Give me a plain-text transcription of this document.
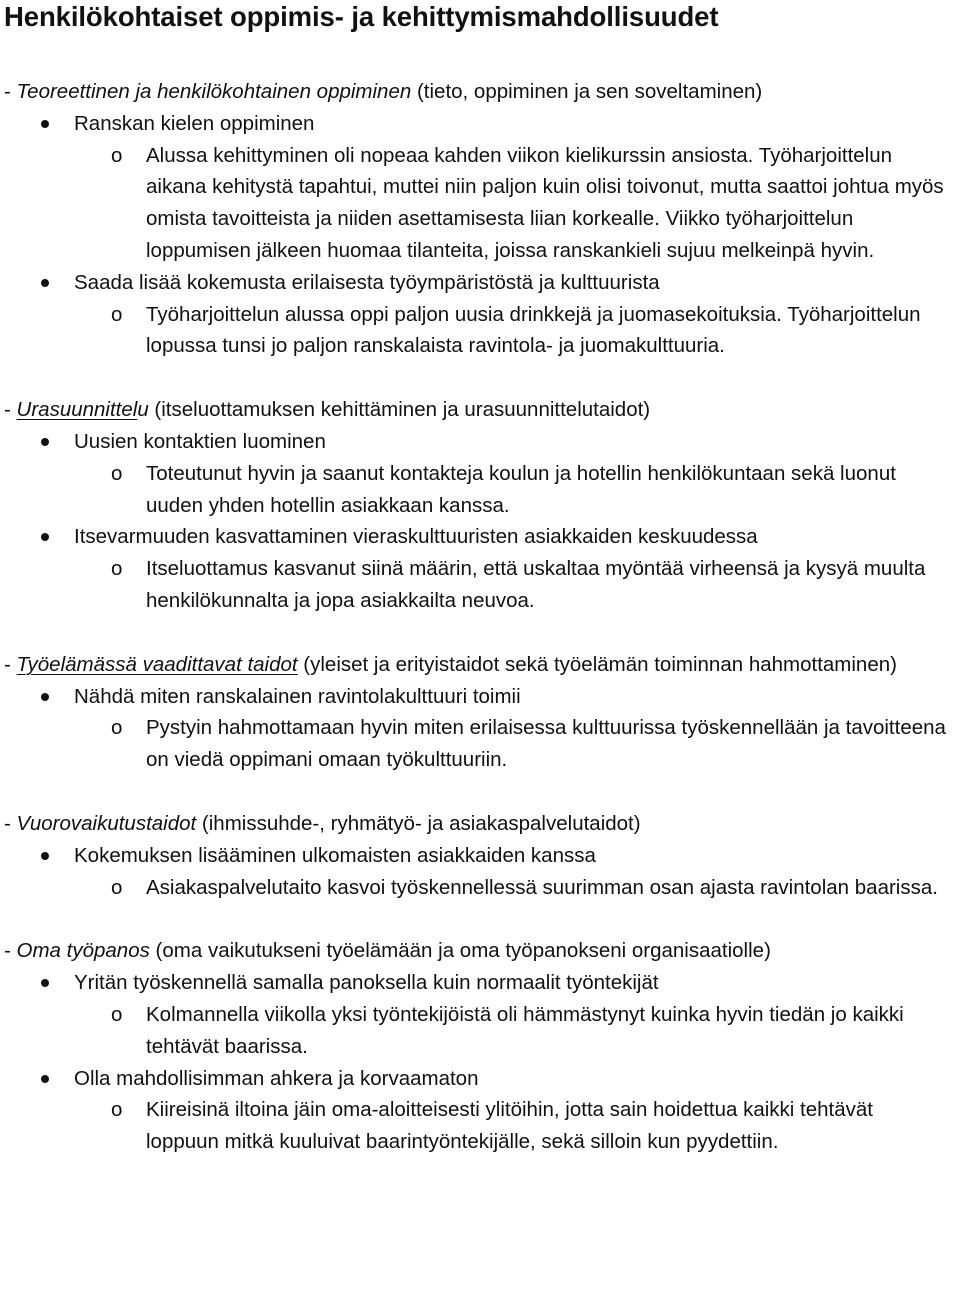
Henkilökohtaiset oppimis- ja kehittymismahdollisuudet
- Teoreettinen ja henkilökohtainen oppiminen (tieto, oppiminen ja sen soveltaminen)
Ranskan kielen oppiminen
o Alussa kehittyminen oli nopeaa kahden viikon kielikurssin ansiosta. Työharjoittelun aikana kehitystä tapahtui, muttei niin paljon kuin olisi toivonut, mutta saattoi johtua myös omista tavoitteista ja niiden asettamisesta liian korkealle. Viikko työharjoittelun loppumisen jälkeen huomaa tilanteita, joissa ranskankieli sujuu melkeinpä hyvin.
Saada lisää kokemusta erilaisesta työympäristöstä ja kulttuurista
o Työharjoittelun alussa oppi paljon uusia drinkkejä ja juomasekoituksia. Työharjoittelun lopussa tunsi jo paljon ranskalaista ravintola- ja juomakulttuuria.
- Urasuunnittelu (itseluottamuksen kehittäminen ja urasuunnittelutaidot)
Uusien kontaktien luominen
o Toteutunut hyvin ja saanut kontakteja koulun ja hotellin henkilökuntaan sekä luonut uuden yhden hotellin asiakkaan kanssa.
Itsevarmuuden kasvattaminen vieraskulttuuristen asiakkaiden keskuudessa
o Itseluottamus kasvanut siinä määrin, että uskaltaa myöntää virheensä ja kysyä muulta henkilökunnalta ja jopa asiakkailta neuvoa.
- Työelämässä vaadittavat taidot (yleiset ja erityistaidot sekä työelämän toiminnan hahmottaminen)
Nähdä miten ranskalainen ravintolakulttuuri toimii
o Pystyin hahmottamaan hyvin miten erilaisessa kulttuurissa työskennellään ja tavoitteena on viedä oppimani omaan työkulttuuriin.
- Vuorovaikutustaidot (ihmissuhde-, ryhmätyö- ja asiakaspalvelutaidot)
Kokemuksen lisääminen ulkomaisten asiakkaiden kanssa
o Asiakaspalvelutaito kasvoi työskennellessä suurimman osan ajasta ravintolan baarissa.
- Oma työpanos (oma vaikutukseni työelämään ja oma työpanokseni organisaatiolle)
Yritän työskennellä samalla panoksella kuin normaalit työntekijät
o Kolmannella viikolla yksi työntekijöistä oli hämmästynyt kuinka hyvin tiedän jo kaikki tehtävät baarissa.
Olla mahdollisimman ahkera ja korvaamaton
o Kiireisinä iltoina jäin oma-aloitteisesti ylitöihin, jotta sain hoidettua kaikki tehtävät loppuun mitkä kuuluivat baarintyöntekijälle, sekä silloin kun pyydettiin.
